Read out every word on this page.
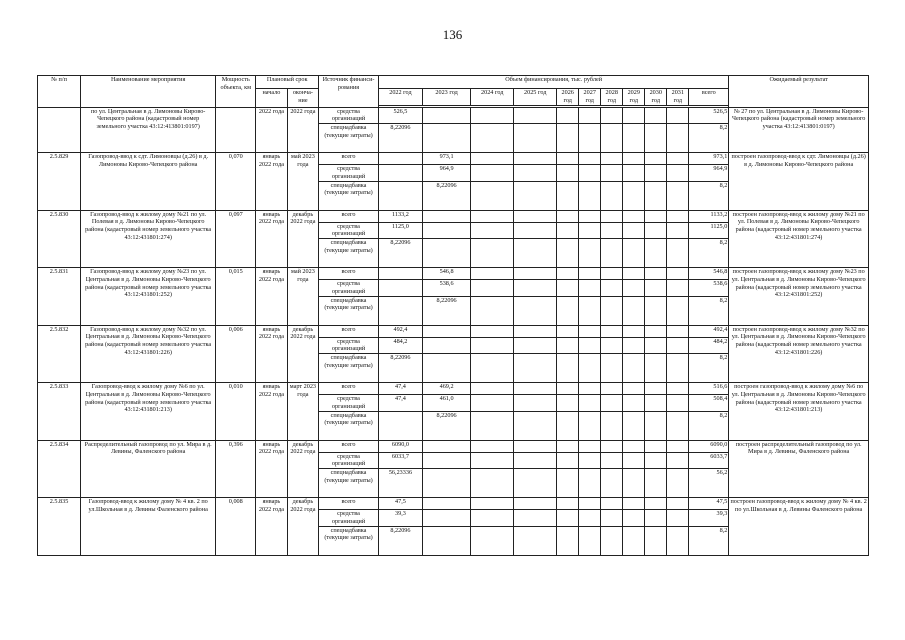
136
№ п/п	Наименование мероприятия	Мощность объекта, км	Плановый срок		Источник финанси- рования	Объем финансирования, тыс. рублей											Ожидаемый результат
			начало	оконча- ние		2022 год	2023 год	2024 год	2025 год	2026 год	2027 год	2028 год	2029 год	2030 год	2031 год	всего	

	по ул. Центральная в д. Лимоновы Кирово-Чепецкого района (кадастровый номер земельного участка 43:12:413801:0197)		2022 года	2022 года	средства организаций	526,5										526,5	№ 27 по ул. Центральная в д. Лимоновы Кирово-Чепецкого района (кадастровый номер земельного участка 43:12:413801:0197)
					спецнадбавка (текущие затраты)	8,22096										8,2	
2.5.829	Газопровод-ввод к сдт. Лимоновцы (д.26) в д. Лимоновы Кирово-Чепецкого района	0,070	январь 2022 года	май 2023 года	всего		973,1									973,1	построен газопровод-ввод к сдт. Лимоновцы (д.26) в д. Лимоновы Кирово-Чепецкого района
					средства организаций		964,9									964,9	
					спецнадбавка (текущие затраты)		8,22096									8,2	
2.5.830	Газопровод-ввод к жилому дому №21 по ул. Полевая в д. Лимоновы Кирово-Чепецкого района (кадастровый номер земельного участка 43:12:431801:274)	0,097	январь 2022 года	декабрь 2022 года	всего	1133,2										1133,2	построен газопровод-ввод к жилому дому №21 по ул. Полевая в д. Лимоновы Кирово-Чепецкого района (кадастровый номер земельного участка 43:12:431801:274)
					средства организаций	1125,0										1125,0	
					спецнадбавка (текущие затраты)	8,22096										8,2	
2.5.831	Газопровод-ввод к жилому дому №23 по ул. Центральная в д. Лимоновы Кирово-Чепецкого района (кадастровый номер земельного участка 43:12:431801:252)	0,015	январь 2022 года	май 2023 года	всего		546,8									546,8	построен газопровод-ввод к жилому дому №23 по ул. Центральная в д. Лимоновы Кирово-Чепецкого района (кадастровый номер земельного участка 43:12:431801:252)
					средства организаций		538,6									538,6	
					спецнадбавка (текущие затраты)		8,22096									8,2	
2.5.832	Газопровод-ввод к жилому дому №32 по ул. Центральная в д. Лимоновы Кирово-Чепецкого района (кадастровый номер земельного участка 43:12:431801:226)	0,006	январь 2022 года	декабрь 2022 года	всего	492,4										492,4	построен газопровод-ввод к жилому дому №32 по ул. Центральная в д. Лимоновы Кирово-Чепецкого района (кадастровый номер земельного участка 43:12:431801:226)
					средства организаций	484,2										484,2	
					спецнадбавка (текущие затраты)	8,22096										8,2	
2.5.833	Газопровод-ввод к жилому дому №6 по ул. Центральная в д. Лимоновы Кирово-Чепецкого района (кадастровый номер земельного участка 43:12:431801:213)	0,010	январь 2022 года	март 2023 года	всего	47,4	469,2									516,6	построен газопровод-ввод к жилому дому №6 по ул. Центральная в д. Лимоновы Кирово-Чепецкого района (кадастровый номер земельного участка 43:12:431801:213)
					средства организаций	47,4	461,0									508,4	
					спецнадбавка (текущие затраты)		8,22096									8,2	
2.5.834	Распределительный газопровод по ул. Мира в д. Левины, Фаленского района	0,396	январь 2022 года	декабрь 2022 года	всего	6090,0										6090,0	построен распределительный газопровод по ул. Мира в д. Левины, Фаленского района
					средства организаций	6033,7										6033,7	
					спецнадбавка (текущие затраты)	56,23336										56,2	
2.5.835	Газопровод-ввод к жилому дому № 4 кв. 2 по ул.Школьная в д. Левины Фаленского района	0,008	январь 2022 года	декабрь 2022 года	всего	47,5										47,5	построен газопровод-ввод к жилому дому № 4 кв. 2 по ул.Школьная в д. Левины Фаленского района
					средства организаций	39,3										39,3	
					спецнадбавка (текущие затраты)	8,22096										8,2	
